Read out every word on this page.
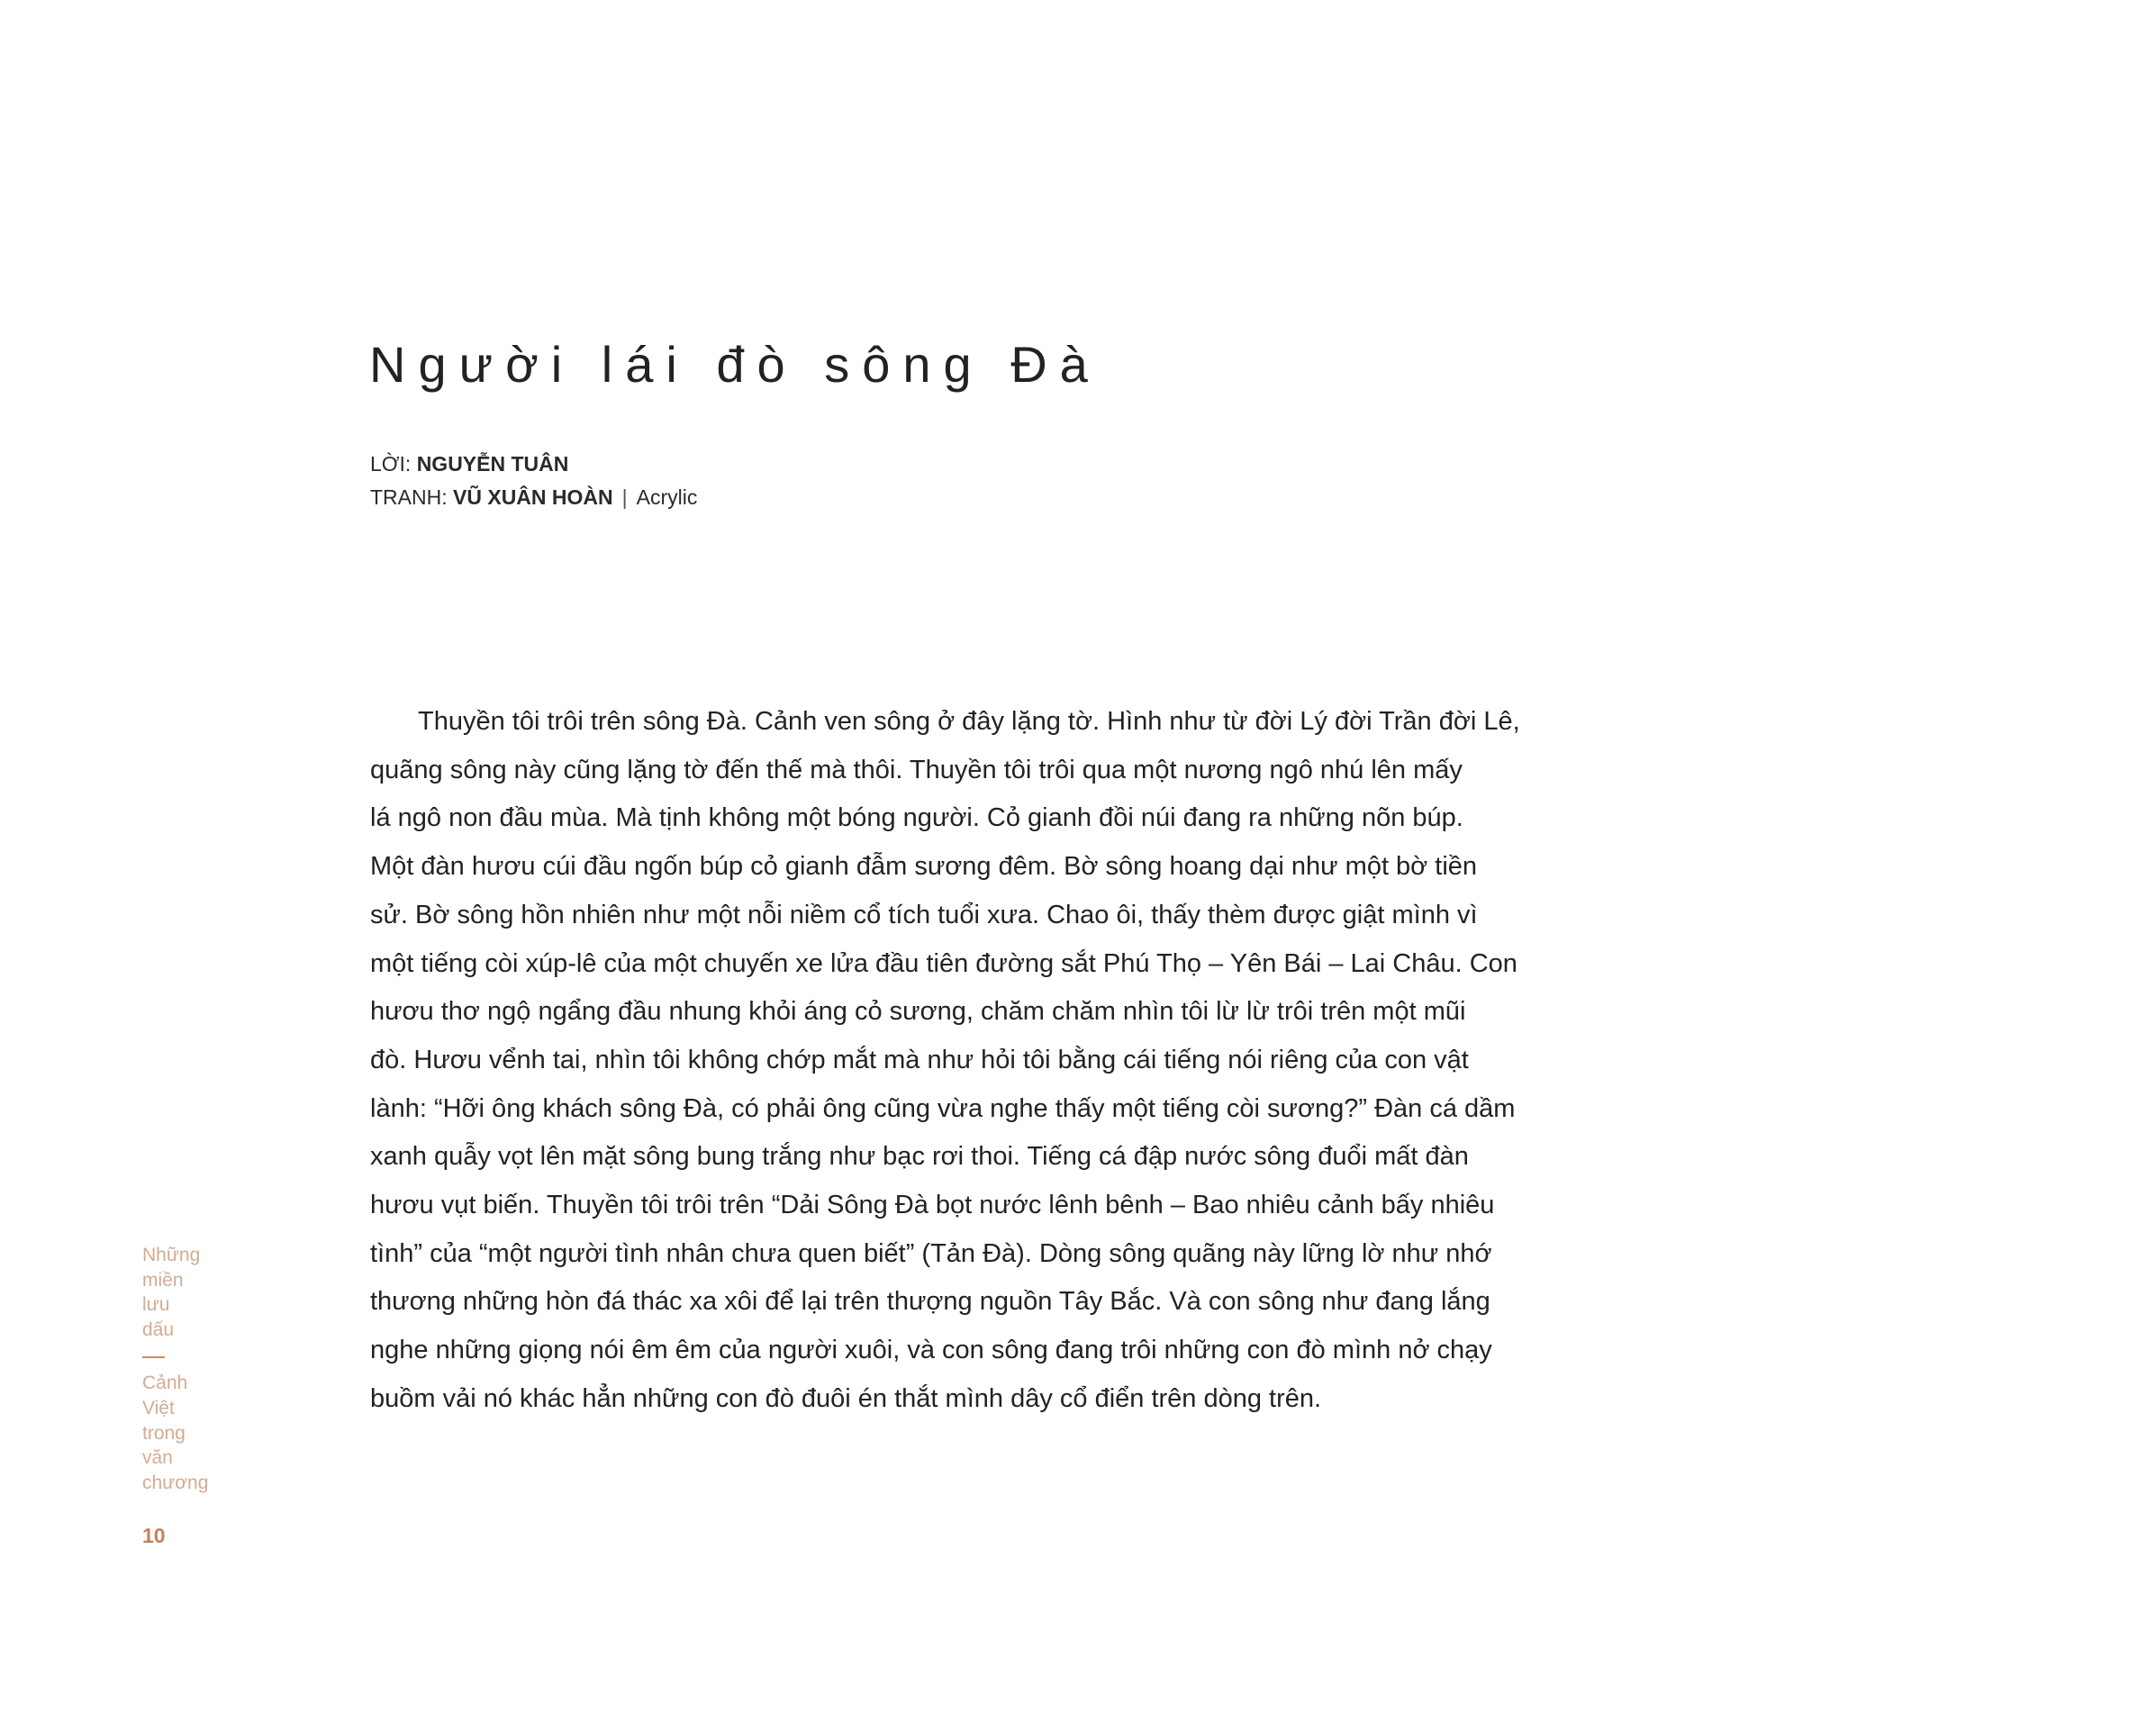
Người lái đò sông Đà
LỜI: NGUYỄN TUÂN
TRANH: VŨ XUÂN HOÀN | Acrylic
Thuyền tôi trôi trên sông Đà. Cảnh ven sông ở đây lặng tờ. Hình như từ đời Lý đời Trần đời Lê,
quãng sông này cũng lặng tờ đến thế mà thôi. Thuyền tôi trôi qua một nương ngô nhú lên mấy
lá ngô non đầu mùa. Mà tịnh không một bóng người. Cỏ gianh đồi núi đang ra những nõn búp.
Một đàn hươu cúi đầu ngốn búp cỏ gianh đẫm sương đêm. Bờ sông hoang dại như một bờ tiền
sử. Bờ sông hồn nhiên như một nỗi niềm cổ tích tuổi xưa. Chao ôi, thấy thèm được giật mình vì
một tiếng còi xúp-lê của một chuyến xe lửa đầu tiên đường sắt Phú Thọ – Yên Bái – Lai Châu. Con
hươu thơ ngộ ngẩng đầu nhung khỏi áng cỏ sương, chăm chăm nhìn tôi lừ lừ trôi trên một mũi
đò. Hươu vểnh tai, nhìn tôi không chớp mắt mà như hỏi tôi bằng cái tiếng nói riêng của con vật
lành: “Hỡi ông khách sông Đà, có phải ông cũng vừa nghe thấy một tiếng còi sương?” Đàn cá dầm
xanh quẫy vọt lên mặt sông bung trắng như bạc rơi thoi. Tiếng cá đập nước sông đuổi mất đàn
hươu vụt biến. Thuyền tôi trôi trên “Dải Sông Đà bọt nước lênh bênh – Bao nhiêu cảnh bấy nhiêu
tình” của “một người tình nhân chưa quen biết” (Tản Đà). Dòng sông quãng này lững lờ như nhớ
thương những hòn đá thác xa xôi để lại trên thượng nguồn Tây Bắc. Và con sông như đang lắng
nghe những giọng nói êm êm của người xuôi, và con sông đang trôi những con đò mình nở chạy
buồm vải nó khác hẳn những con đò đuôi én thắt mình dây cổ điển trên dòng trên.
Những
miền
lưu
dấu
Cảnh
Việt
trong
văn
chương
10
